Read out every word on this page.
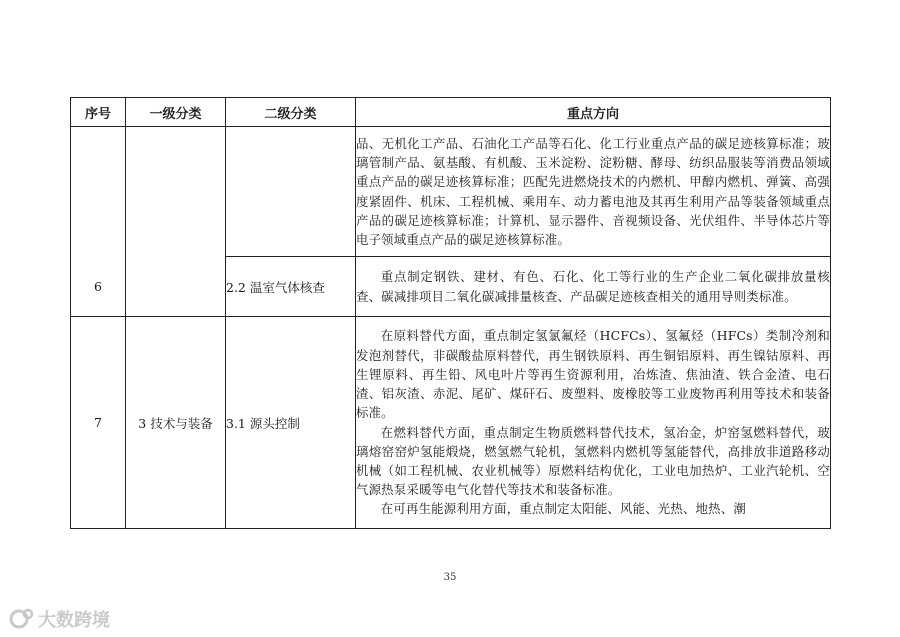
序号	一级分类	二级分类	重点方向
6			品、无机化工产品、石油化工产品等石化、化工行业重点产品的碳足迹核算标准；玻璃管制产品、氨基酸、有机酸、玉米淀粉、淀粉糖、酵母、纺织品服装等消费品领域重点产品的碳足迹核算标准；匹配先进燃烧技术的内燃机、甲醇内燃机、弹簧、高强度紧固件、机床、工程机械、乘用车、动力蓄电池及其再生利用产品等装备领域重点产品的碳足迹核算标准；计算机、显示器件、音视频设备、光伏组件、半导体芯片等电子领域重点产品的碳足迹核算标准。

		2.2 温室气体核查	重点制定钢铁、建材、有色、石化、化工等行业的生产企业二氧化碳排放量核查、碳减排项目二氧化碳减排量核查、产品碳足迹核查相关的通用导则类标准。

7	3 技术与装备	3.1 源头控制	在原料替代方面，重点制定氢氯氟烃（HCFCs）、氢氟烃（HFCs）类制冷剂和发泡剂替代，非碳酸盐原料替代，再生钢铁原料、再生铜铝原料、再生镍钴原料、再生锂原料、再生铅、风电叶片等再生资源利用，冶炼渣、焦油渣、铁合金渣、电石渣、铝灰渣、赤泥、尾矿、煤矸石、废塑料、废橡胶等工业废物再利用等技术和装备标准。

在燃料替代方面，重点制定生物质燃料替代技术，氢冶金，炉窑氢燃料替代，玻璃熔窑窑炉氢能煅烧，燃氢燃气轮机，氢燃料内燃机等氢能替代，高排放非道路移动机械（如工程机械、农业机械等）原燃料结构优化，工业电加热炉、工业汽轮机、空气源热泵采暖等电气化替代等技术和装备标准。

在可再生能源利用方面，重点制定太阳能、风能、光热、地热、潮

35
大数跨境
